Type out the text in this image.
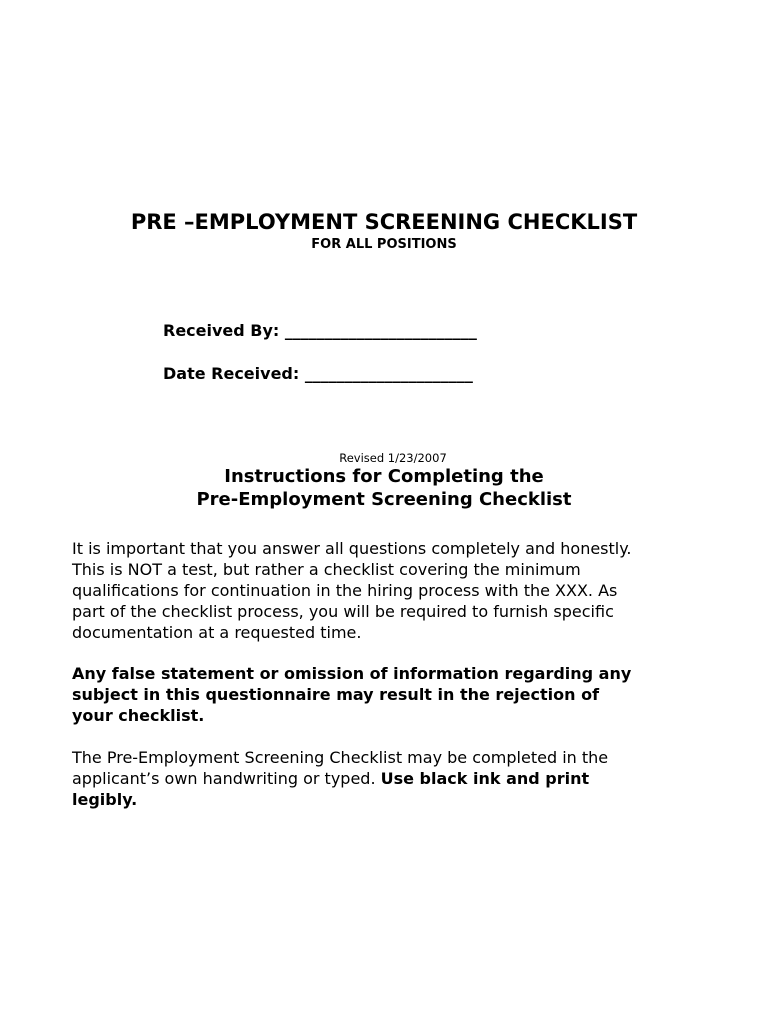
PRE –EMPLOYMENT SCREENING CHECKLIST
FOR ALL POSITIONS
Received By: ________________________
Date Received: _____________________
Instructions for Completing the
Pre-Employment Screening Checklist
Revised 1/23/2007

It is important that you answer all questions completely and honestly.
This is NOT a test, but rather a checklist covering the minimum
qualifications for continuation in the hiring process with the XXX. As
part of the checklist process, you will be required to furnish specific
documentation at a requested time.

Any false statement or omission of information regarding any
subject in this questionnaire may result in the rejection of
your checklist.

The Pre-Employment Screening Checklist may be completed in the
applicant’s own handwriting or typed. Use black ink and print
legibly.
